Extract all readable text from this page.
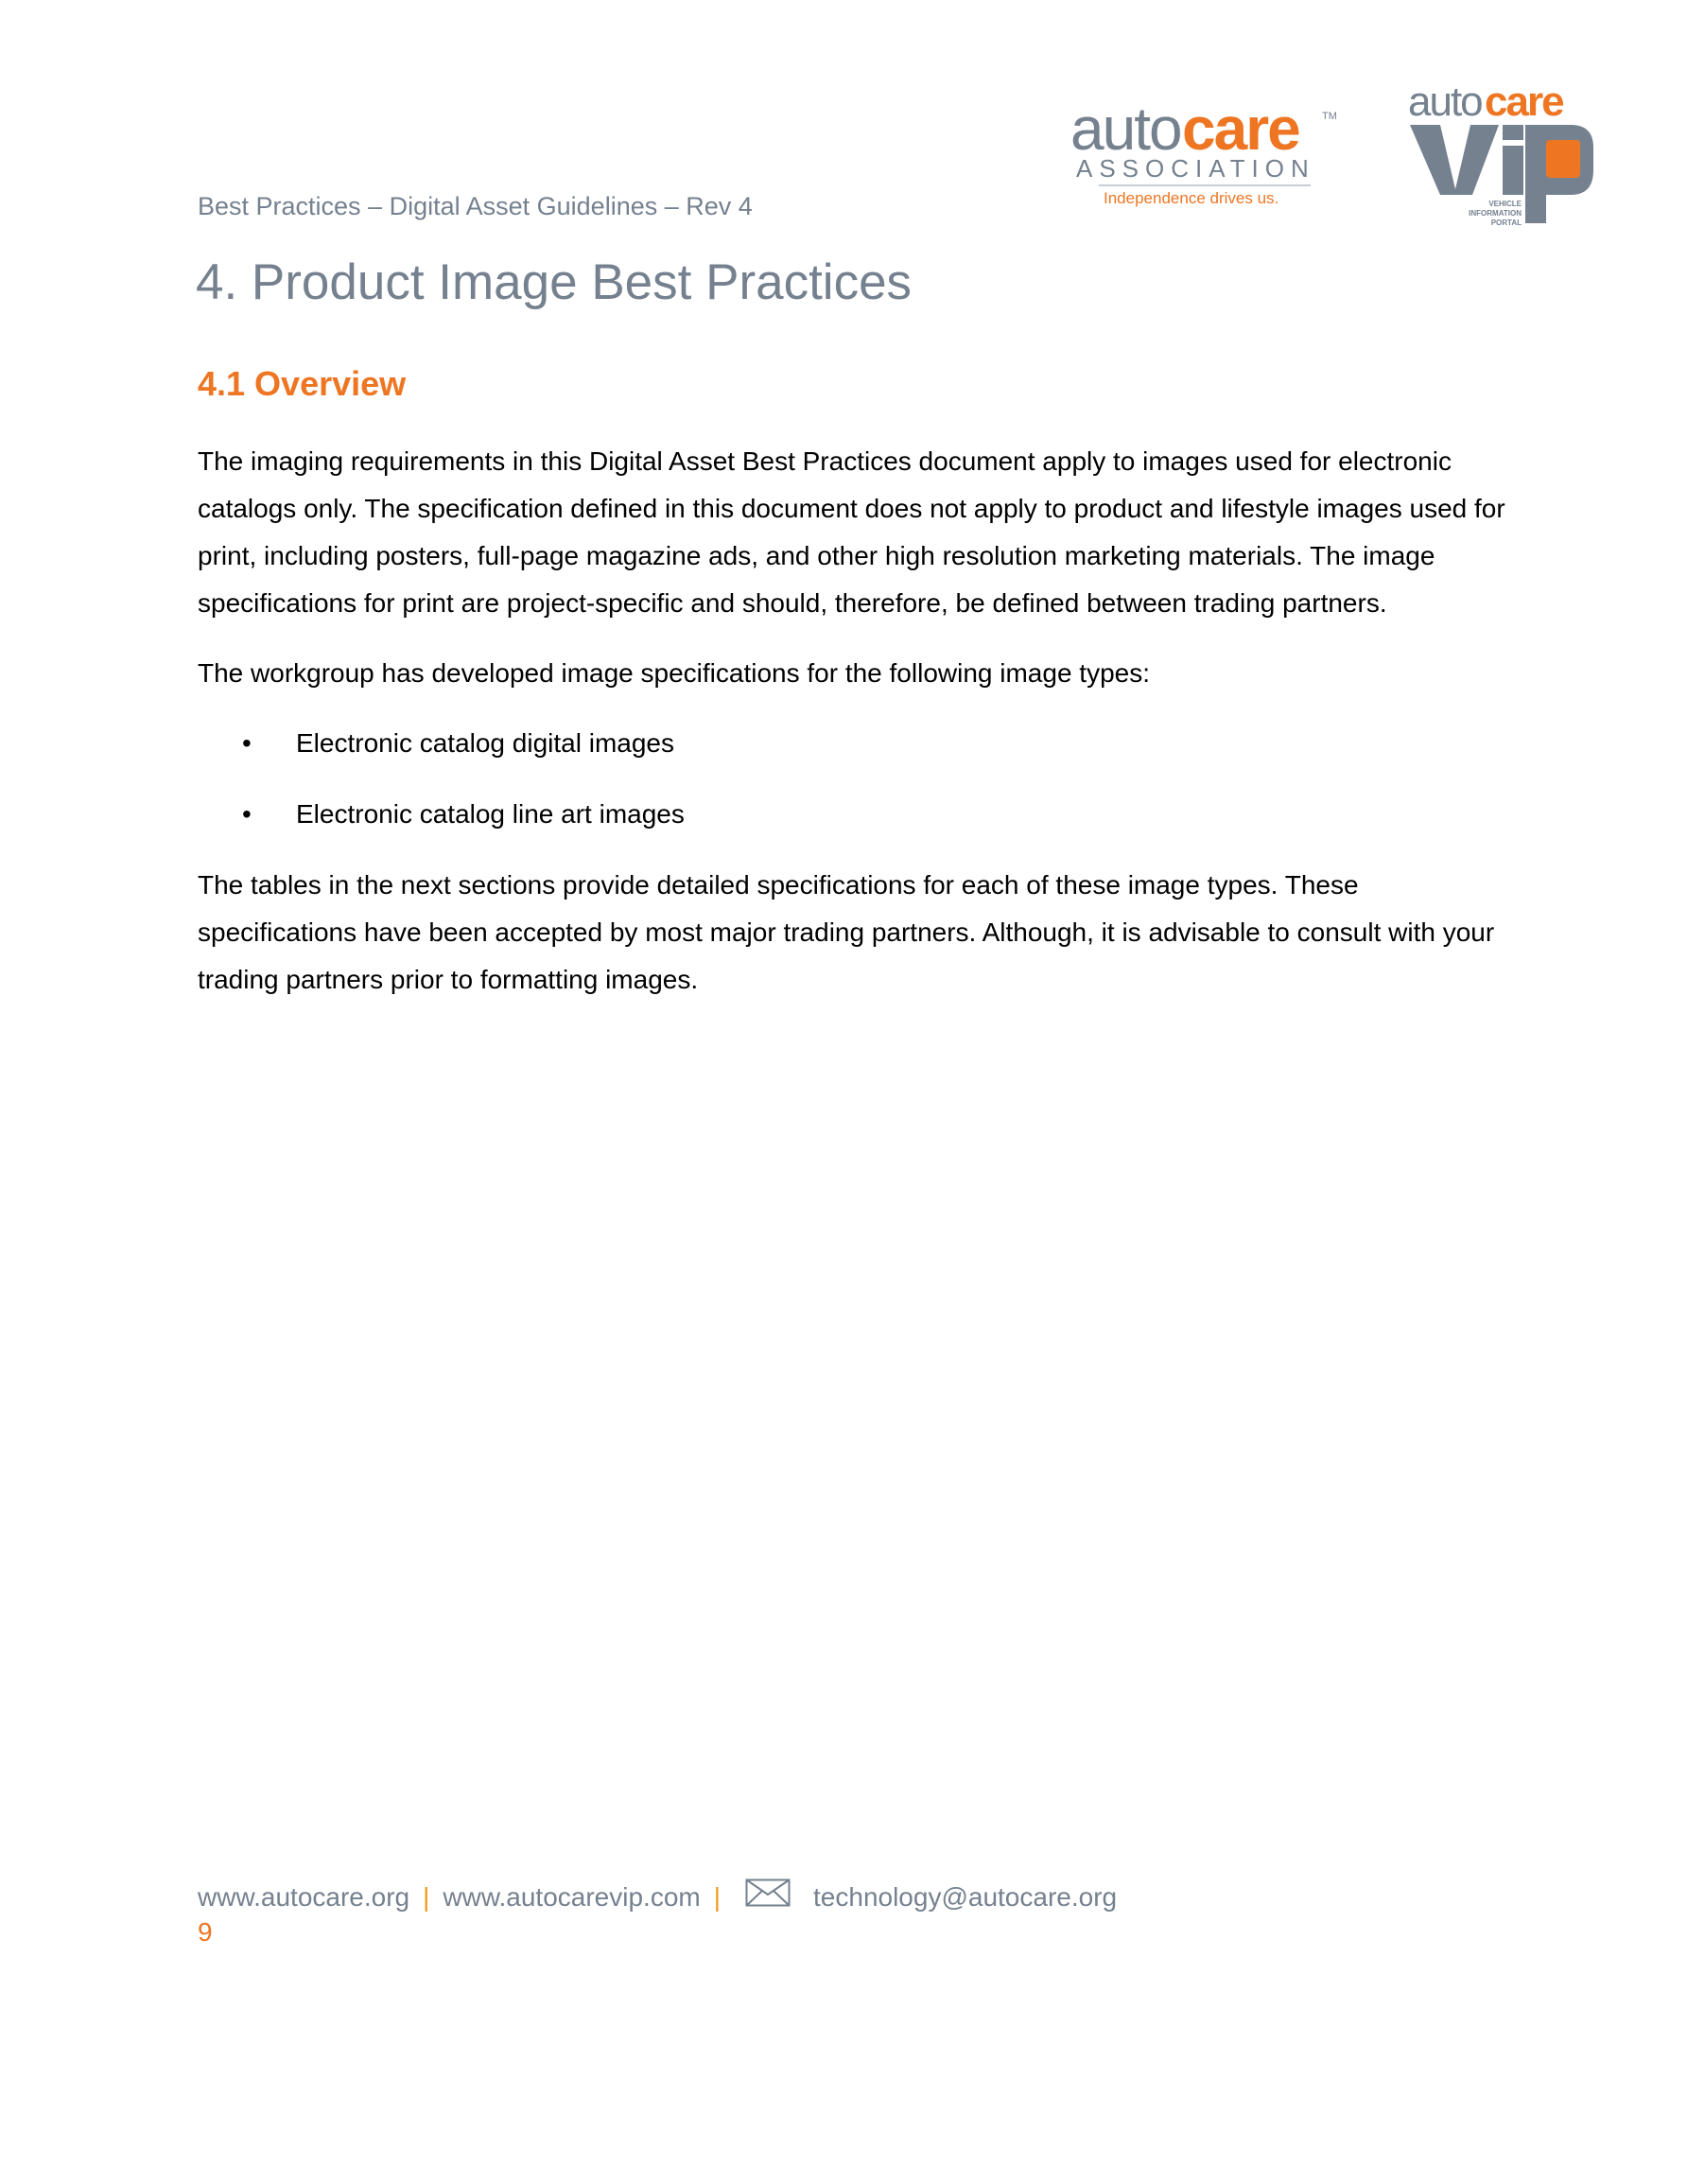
Best Practices – Digital Asset Guidelines – Rev 4
auto care TM
ASSOCIATION
Independence drives us.
auto care
VEHICLE
INFORMATION
PORTAL
4. Product Image Best Practices
4.1 Overview

The imaging requirements in this Digital Asset Best Practices document apply to images used for electronic catalogs only. The specification defined in this document does not apply to product and lifestyle images used for print, including posters, full-page magazine ads, and other high resolution marketing materials. The image specifications for print are project-specific and should, therefore, be defined between trading partners.

The workgroup has developed image specifications for the following image types:

• Electronic catalog digital images
• Electronic catalog line art images

The tables in the next sections provide detailed specifications for each of these image types. These specifications have been accepted by most major trading partners. Although, it is advisable to consult with your trading partners prior to formatting images.

www.autocare.org | www.autocarevip.com |	technology@autocare.org
9
